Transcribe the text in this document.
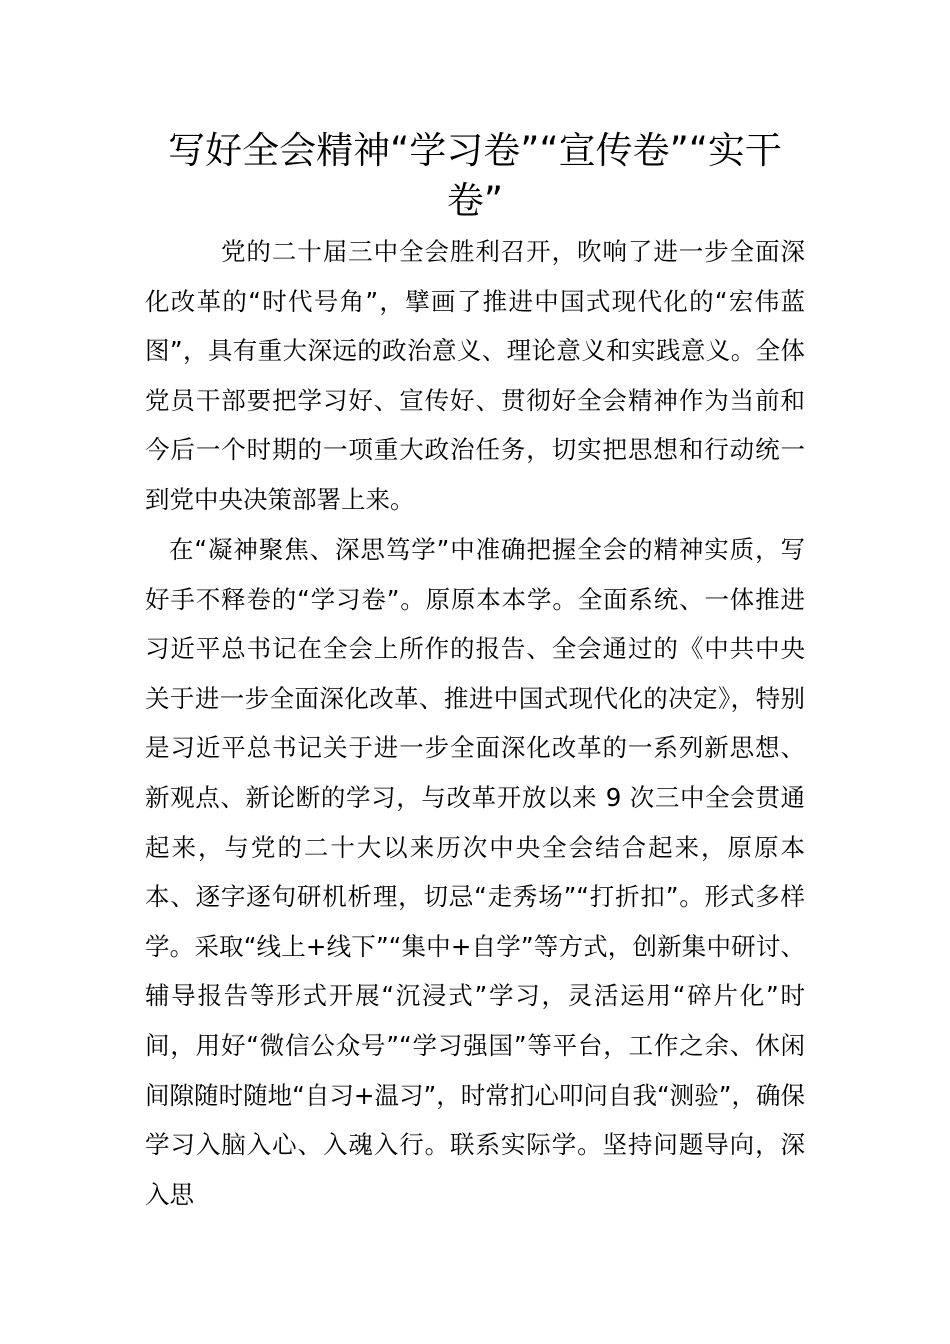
写好全会精神“学习卷”“宣传卷”“实干卷”

党的二十届三中全会胜利召开，吹响了进一步全面深化改革的“时代号角”，擘画了推进中国式现代化的“宏伟蓝图”，具有重大深远的政治意义、理论意义和实践意义。全体党员干部要把学习好、宣传好、贯彻好全会精神作为当前和今后一个时期的一项重大政治任务，切实把思想和行动统一到党中央决策部署上来。

在“凝神聚焦、深思笃学”中准确把握全会的精神实质，写好手不释卷的“学习卷”。原原本本学。全面系统、一体推进习近平总书记在全会上所作的报告、全会通过的《中共中央关于进一步全面深化改革、推进中国式现代化的决定》，特别是习近平总书记关于进一步全面深化改革的一系列新思想、新观点、新论断的学习，与改革开放以来 9 次三中全会贯通起来，与党的二十大以来历次中央全会结合起来，原原本本、逐字逐句研机析理，切忌“走秀场”“打折扣”。形式多样学。采取“线上+线下”“集中+自学”等方式，创新集中研讨、辅导报告等形式开展“沉浸式”学习，灵活运用“碎片化”时间，用好“微信公众号”“学习强国”等平台，工作之余、休闲间隙随时随地“自习+温习”，时常扪心叩问自我“测验”，确保学习入脑入心、入魂入行。联系实际学。坚持问题导向，深入思
